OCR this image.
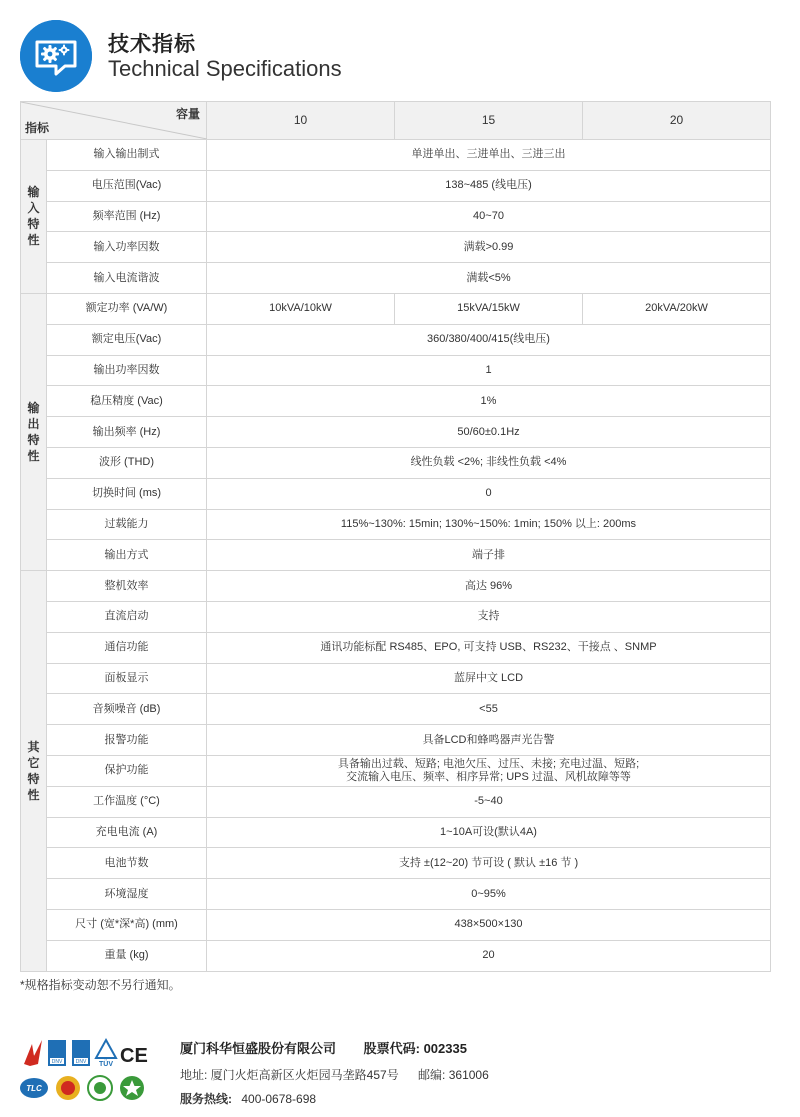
技术指标
Technical Specifications
容量
指标		10	15	20
输
入
特
性	输入输出制式	单进单出、三进单出、三进三出		
	电压范围(Vac)	138~485 (线电压)		
	频率范围 (Hz)	40~70		
	输入功率因数	满载>0.99		
	输入电流谐波	满载<5%		
输
出
特
性	额定功率 (VA/W)	10kVA/10kW	15kVA/15kW	20kVA/20kW
	额定电压(Vac)	360/380/400/415(线电压)		
	输出功率因数	1		
	稳压精度 (Vac)	1%		
	输出频率 (Hz)	50/60±0.1Hz		
	波形 (THD)	线性负载 <2%; 非线性负载 <4%		
	切换时间 (ms)	0		
	过载能力	115%~130%: 15min; 130%~150%: 1min; 150% 以上: 200ms		
	输出方式	端子排		
其
它
特
性	整机效率	高达 96%		
	直流启动	支持		
	通信功能	通讯功能标配 RS485、EPO, 可支持 USB、RS232、干接点 、SNMP		
	面板显示	蓝屏中文 LCD		
	音频噪音 (dB)	<55		
	报警功能	具备LCD和蜂鸣器声光告警		
	保护功能	具备输出过载、短路; 电池欠压、过压、未接; 充电过温、短路;
交流输入电压、频率、相序异常; UPS 过温、风机故障等等		
	工作温度 (°C)	-5~40		
	充电电流 (A)	1~10A可设(默认4A)		
	电池节数	支持 ±(12~20) 节可设 ( 默认 ±16 节 )		
	环境湿度	0~95%		
	尺寸 (宽*深*高) (mm)	438×500×130		
	重量 (kg)	20		
*规格指标变动恕不另行通知。
DNV	DNV TÜV CE
TLC
厦门科华恒盛股份有限公司 股票代码: 002335
地址: 厦门火炬高新区火炬园马垄路457号 邮编: 361006
服务热线: 400-0678-698
